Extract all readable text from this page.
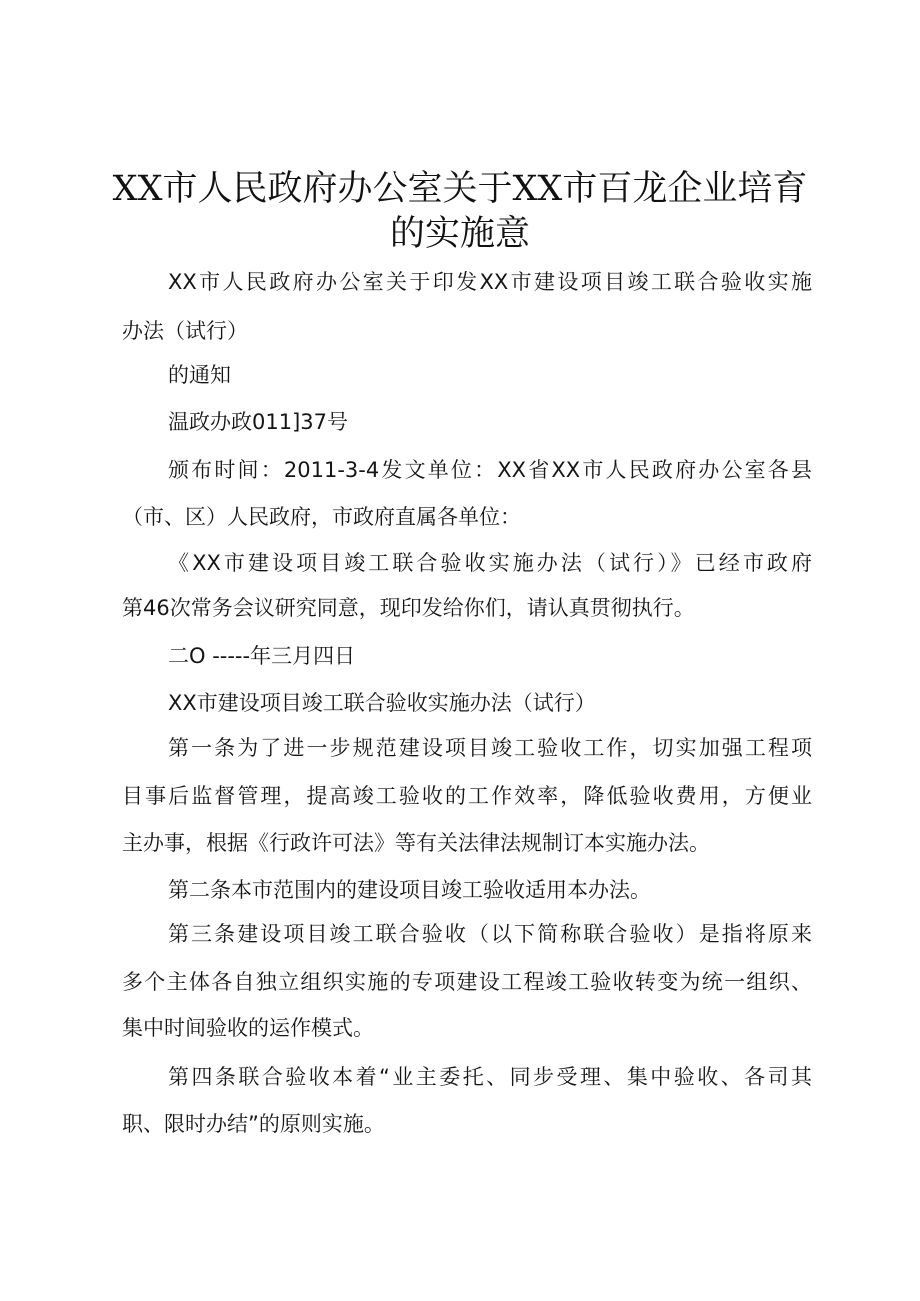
XX市人民政府办公室关于XX市百龙企业培育
的实施意
XX市人民政府办公室关于印发XX市建设项目竣工联合验收实施
办法（试行）
的通知
温政办政011]37号
颁布时间：2011-3-4发文单位：XX省XX市人民政府办公室各县
（市、区）人民政府，市政府直属各单位：
《XX市建设项目竣工联合验收实施办法（试行）》已经市政府
第46次常务会议研究同意，现印发给你们，请认真贯彻执行。
二O -----年三月四日
XX市建设项目竣工联合验收实施办法（试行）
第一条为了进一步规范建设项目竣工验收工作，切实加强工程项
目事后监督管理，提高竣工验收的工作效率，降低验收费用，方便业
主办事，根据《行政许可法》等有关法律法规制订本实施办法。
第二条本市范围内的建设项目竣工验收适用本办法。
第三条建设项目竣工联合验收（以下简称联合验收）是指将原来
多个主体各自独立组织实施的专项建设工程竣工验收转变为统一组织、
集中时间验收的运作模式。
第四条联合验收本着“业主委托、同步受理、集中验收、各司其
职、限时办结”的原则实施。
